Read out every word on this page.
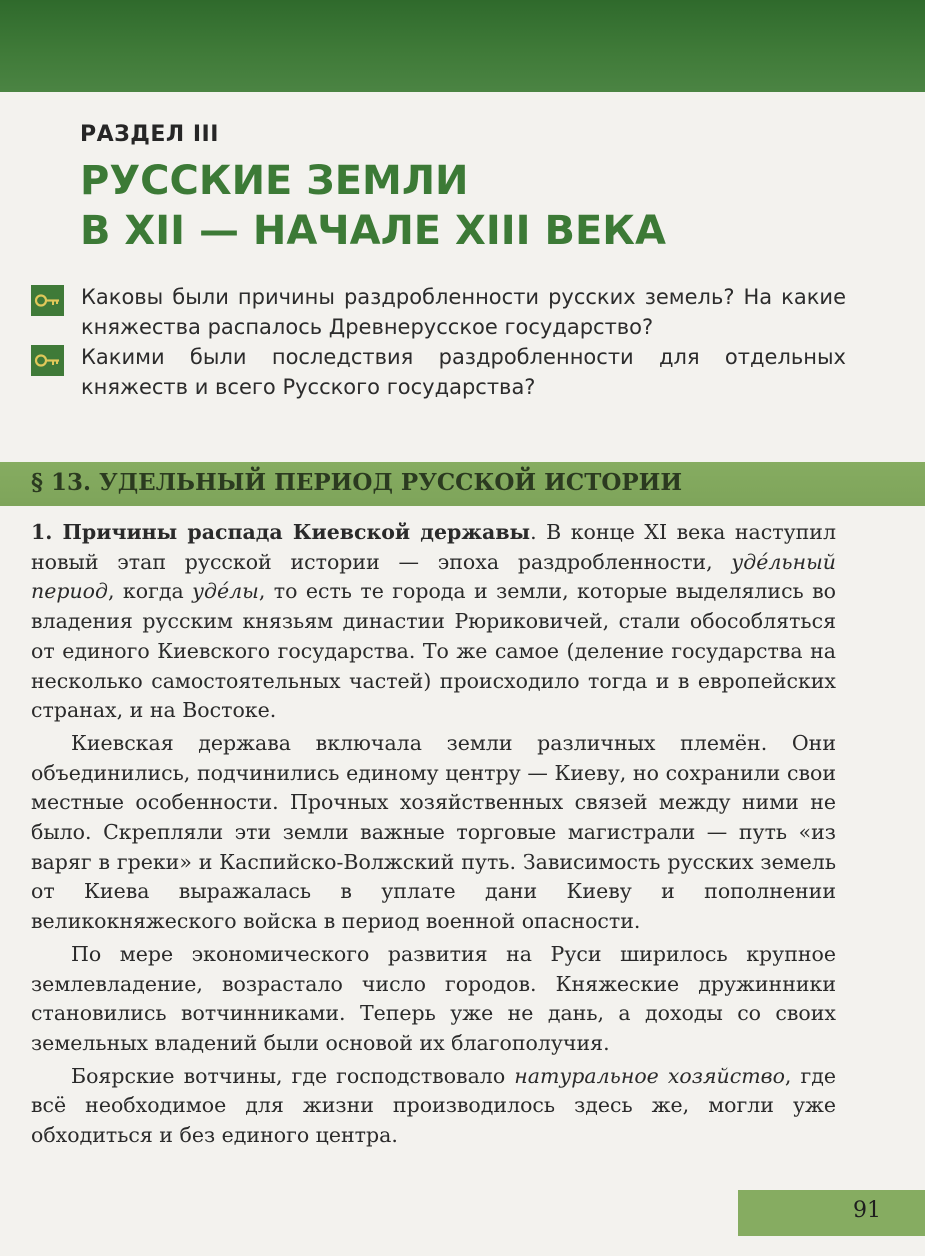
РАЗДЕЛ III
РУССКИЕ ЗЕМЛИ
В XII — НАЧАЛЕ XIII ВЕКА
Каковы были причины раздробленности русских земель? На какие княжества распалось Древнерусское государство?
Какими были последствия раздробленности для отдельных княжеств и всего Русского государства?
§ 13. УДЕЛЬНЫЙ ПЕРИОД РУССКОЙ ИСТОРИИ

1. Причины распада Киевской державы. В конце XI века наступил новый этап русской истории — эпоха раздробленности, удéльный период, когда удéлы, то есть те города и земли, которые выделялись во владения русским князьям династии Рюриковичей, стали обособляться от единого Киевского государства. То же самое (деление государства на несколько самостоятельных частей) происходило тогда и в европейских странах, и на Востоке.

Киевская держава включала земли различных племён. Они объединились, подчинились единому центру — Киеву, но сохранили свои местные особенности. Прочных хозяйственных связей между ними не было. Скрепляли эти земли важные торговые магистрали — путь «из варяг в греки» и Каспийско-Волжский путь. Зависимость русских земель от Киева выражалась в уплате дани Киеву и пополнении великокняжеского войска в период военной опасности.

По мере экономического развития на Руси ширилось крупное землевладение, возрастало число городов. Княжеские дружинники становились вотчинниками. Теперь уже не дань, а доходы со своих земельных владений были основой их благополучия.

Боярские вотчины, где господствовало натуральное хозяйство, где всё необходимое для жизни производилось здесь же, могли уже обходиться и без единого центра.

91
